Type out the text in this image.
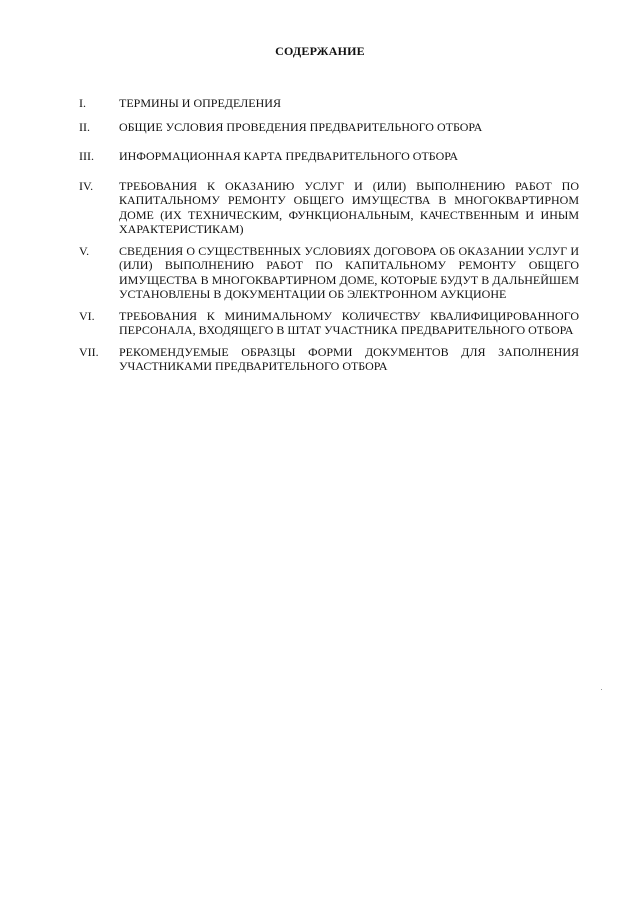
СОДЕРЖАНИЕ
I.	ТЕРМИНЫ И ОПРЕДЕЛЕНИЯ
II.	ОБЩИЕ УСЛОВИЯ ПРОВЕДЕНИЯ ПРЕДВАРИТЕЛЬНОГО ОТБОРА
III.	ИНФОРМАЦИОННАЯ КАРТА ПРЕДВАРИТЕЛЬНОГО ОТБОРА
IV.	ТРЕБОВАНИЯ К ОКАЗАНИЮ УСЛУГ И (ИЛИ) ВЫПОЛНЕНИЮ РАБОТ ПО КАПИТАЛЬНОМУ РЕМОНТУ ОБЩЕГО ИМУЩЕСТВА В МНОГОКВАРТИРНОМ ДОМЕ (ИХ ТЕХНИЧЕСКИМ, ФУНКЦИОНАЛЬНЫМ, КАЧЕСТВЕННЫМ И ИНЫМ ХАРАКТЕРИСТИКАМ)
V.	СВЕДЕНИЯ О СУЩЕСТВЕННЫХ УСЛОВИЯХ ДОГОВОРА ОБ ОКАЗАНИИ УСЛУГ И (ИЛИ) ВЫПОЛНЕНИЮ РАБОТ ПО КАПИТАЛЬНОМУ РЕМОНТУ ОБЩЕГО ИМУЩЕСТВА В МНОГОКВАРТИРНОМ ДОМЕ, КОТОРЫЕ БУДУТ В ДАЛЬНЕЙШЕМ УСТАНОВЛЕНЫ В ДОКУМЕНТАЦИИ ОБ ЭЛЕКТРОННОМ АУКЦИОНЕ
VI.	ТРЕБОВАНИЯ К МИНИМАЛЬНОМУ КОЛИЧЕСТВУ КВАЛИФИЦИРОВАННОГО ПЕРСОНАЛА, ВХОДЯЩЕГО В ШТАТ УЧАСТНИКА ПРЕДВАРИТЕЛЬНОГО ОТБОРА
VII.	РЕКОМЕНДУЕМЫЕ ОБРАЗЦЫ ФОРМИ ДОКУМЕНТОВ ДЛЯ ЗАПОЛНЕНИЯ УЧАСТНИКАМИ ПРЕДВАРИТЕЛЬНОГО ОТБОРА
